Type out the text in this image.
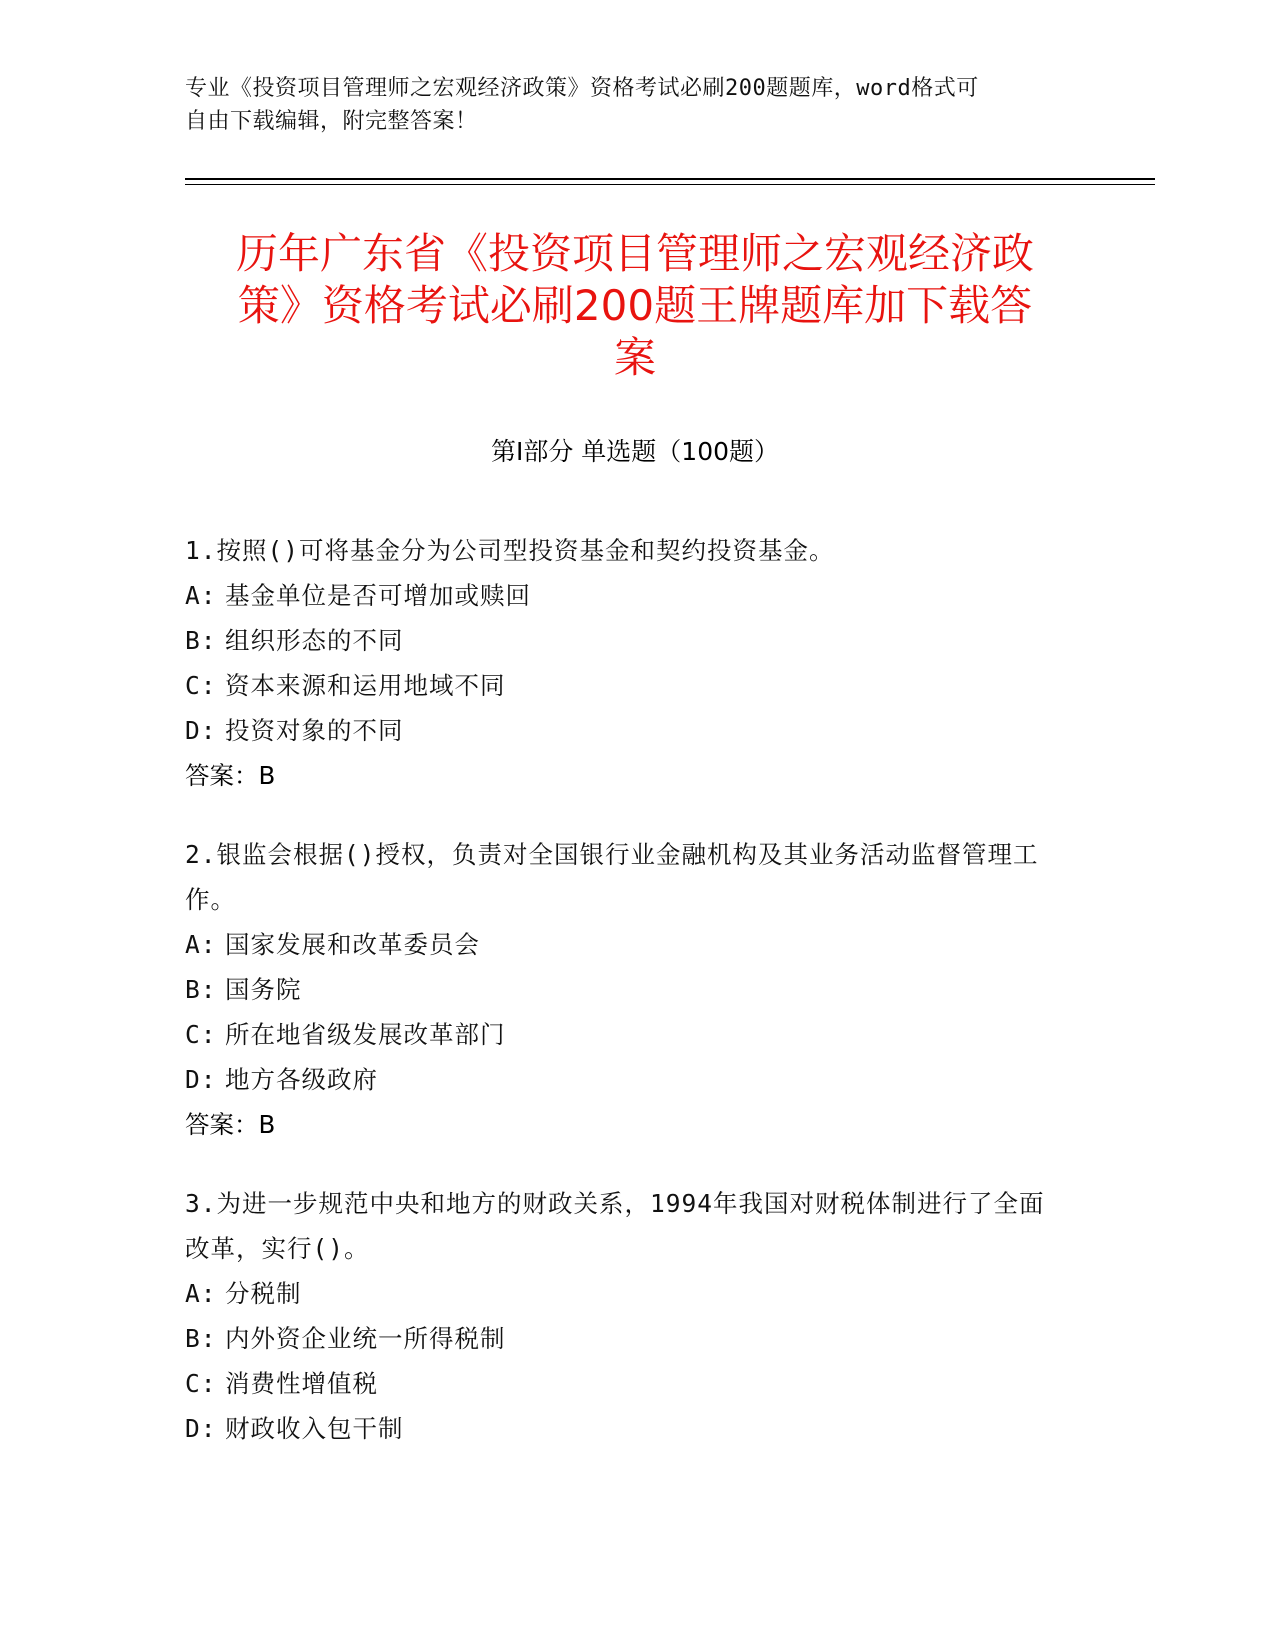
专业《投资项目管理师之宏观经济政策》资格考试必刷200题题库，word格式可
自由下载编辑，附完整答案！
历年广东省《投资项目管理师之宏观经济政
策》资格考试必刷200题王牌题库加下载答
案
第Ⅰ部分 单选题（100题）
1.按照()可将基金分为公司型投资基金和契约投资基金。
A: 基金单位是否可增加或赎回
B: 组织形态的不同
C: 资本来源和运用地域不同
D: 投资对象的不同
答案：B
2.银监会根据()授权，负责对全国银行业金融机构及其业务活动监督管理工作。
A: 国家发展和改革委员会
B: 国务院
C: 所在地省级发展改革部门
D: 地方各级政府
答案：B
3.为进一步规范中央和地方的财政关系，1994年我国对财税体制进行了全面改革，实行()。
A: 分税制
B: 内外资企业统一所得税制
C: 消费性增值税
D: 财政收入包干制
